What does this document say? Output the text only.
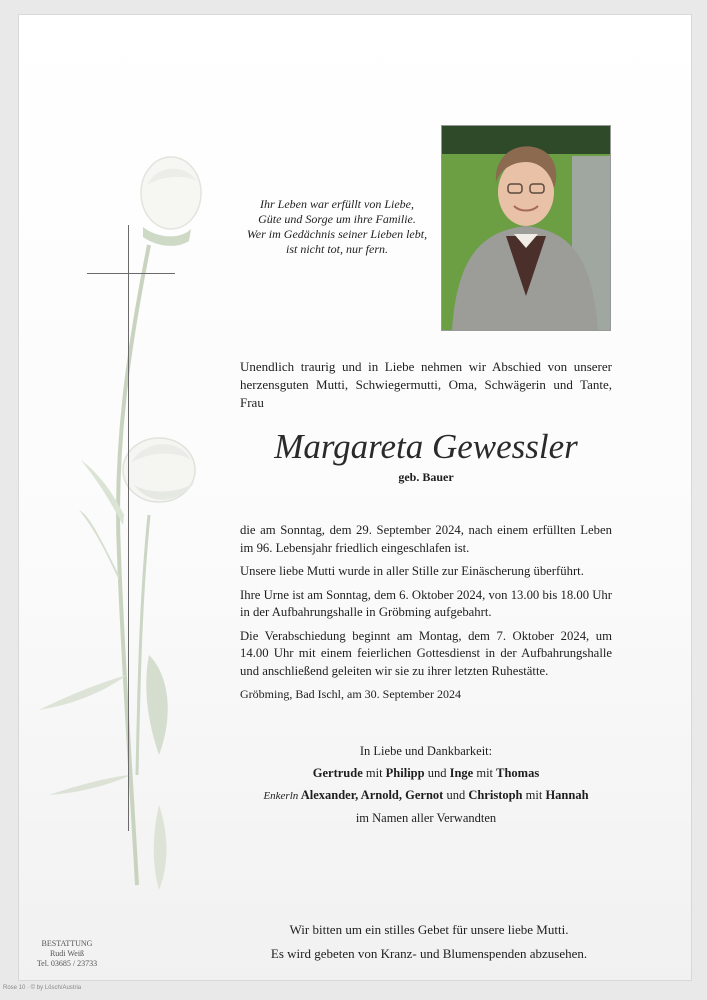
Ihr Leben war erfüllt von Liebe,
Güte und Sorge um ihre Familie.
Wer im Gedächnis seiner Lieben lebt,
ist nicht tot, nur fern.
Unendlich traurig und in Liebe nehmen wir Abschied von unserer herzensguten Mutti, Schwiegermutti, Oma, Schwägerin und Tante, Frau
Margareta Gewessler
geb. Bauer

die am Sonntag, dem 29. September 2024, nach einem erfüllten Leben im 96. Lebensjahr friedlich eingeschlafen ist.

Unsere liebe Mutti wurde in aller Stille zur Einäscherung überführt.

Ihre Urne ist am Sonntag, dem 6. Oktober 2024, von 13.00 bis 18.00 Uhr in der Aufbahrungshalle in Gröbming aufgebahrt.

Die Verabschiedung beginnt am Montag, dem 7. Oktober 2024, um 14.00 Uhr mit einem feierlichen Gottesdienst in der Aufbahrungshalle und anschließend geleiten wir sie zu ihrer letzten Ruhestätte.

Gröbming, Bad Ischl, am 30. September 2024

In Liebe und Dankbarkeit:
Gertrude mit Philipp und Inge mit Thomas
Enkerln Alexander, Arnold, Gernot und Christoph mit Hannah
im Namen aller Verwandten
Wir bitten um ein stilles Gebet für unsere liebe Mutti.
Es wird gebeten von Kranz- und Blumenspenden abzusehen.
BESTATTUNG
Rudi Weiß
Tel. 03685 / 23733
Rose 10 · © by Lösch/Austria
